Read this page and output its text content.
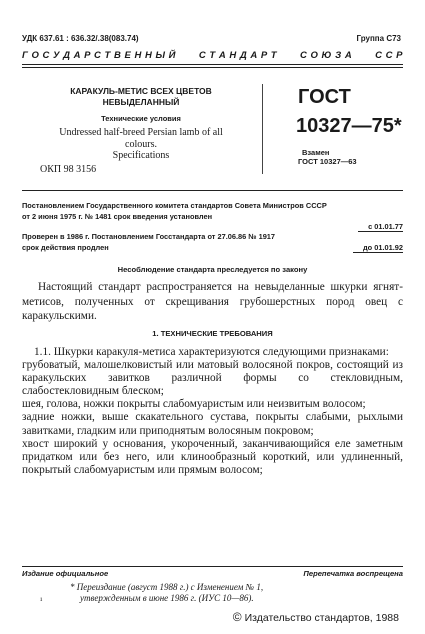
УДК 637.61 : 636.32/.38(083.74)	Группа С73
Г О С У Д А Р С Т В Е Н Н Ы Й С Т А Н Д А Р Т С О Ю З А С С Р
КАРАКУЛЬ-МЕТИС ВСЕХ ЦВЕТОВ
НЕВЫДЕЛАННЫЙ
Технические условия
Undressed half-breed Persian lamb of all
colours.
Specifications
ОКП 98 3156
ГОСТ
10327—75*
Взамен
ГОСТ 10327—63
Постановлением Государственного комитета стандартов Совета Министров СССР
от 2 июня 1975 г. № 1481 срок введения установлен
с 01.01.77
Проверен в 1986 г. Постановлением Госстандарта от 27.06.86 № 1917
срок действия продлен	до 01.01.92
Несоблюдение стандарта преследуется по закону
Настоящий стандарт распространяется на невыделанные шкурки ягнят-метисов, полученных от скрещивания грубошерстных пород овец с каракульскими.
1. ТЕХНИЧЕСКИЕ ТРЕБОВАНИЯ

1.1. Шкурки каракуля-метиса характеризуются следующими признаками:

грубоватый, малошелковистый или матовый волосяной покров, состоящий из каракульских завитков различной формы со стекловидным, слабостекловидным блеском;

шея, голова, ножки покрыты слабомуаристым или неизвитым волосом;

задние ножки, выше скакательного сустава, покрыты слабыми, рыхлыми завитками, гладким или приподнятым волосяным покровом;

хвост широкий у основания, укороченный, заканчивающийся еле заметным придатком или без него, или клинообразный короткий, или удлиненный, покрытый слабомуаристым или прямым волосом;

Издание официальное	Перепечатка воспрещена
* Переиздание (август 1988 г.) с Изменением № 1,
утвержденным в июне 1986 г. (ИУС 10—86).
¹
© Издательство стандартов, 1988
